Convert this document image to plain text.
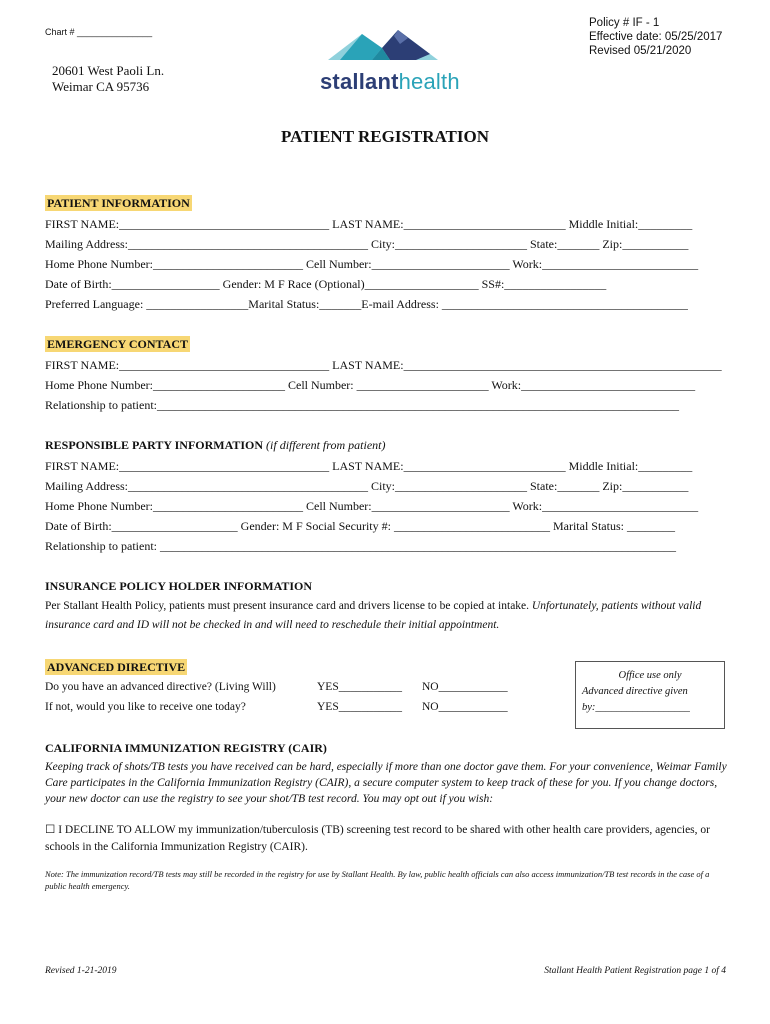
Chart # _______________
20601 West Paoli Ln.
Weimar CA 95736	stallanthealth
Policy # IF - 1
Effective date: 05/25/2017
Revised 05/21/2020
PATIENT REGISTRATION
PATIENT INFORMATION
FIRST NAME:___________________________________ LAST NAME:___________________________ Middle Initial:_________
Mailing Address:________________________________________ City:______________________ State:_______ Zip:___________
Home Phone Number:_________________________ Cell Number:_______________________ Work:__________________________
Date of Birth:__________________ Gender: M F Race (Optional)___________________ SS#:_________________
Preferred Language: _________________Marital Status:_______E-mail Address: _________________________________________
EMERGENCY CONTACT
FIRST NAME:___________________________________ LAST NAME:_____________________________________________________
Home Phone Number:______________________ Cell Number: ______________________ Work:_____________________________
Relationship to patient:_______________________________________________________________________________________
RESPONSIBLE PARTY INFORMATION (if different from patient)
FIRST NAME:___________________________________ LAST NAME:___________________________ Middle Initial:_________
Mailing Address:________________________________________ City:______________________ State:_______ Zip:___________
Home Phone Number:_________________________ Cell Number:_______________________ Work:__________________________
Date of Birth:_____________________ Gender: M F Social Security #: __________________________ Marital Status: ________
Relationship to patient: ______________________________________________________________________________________
INSURANCE POLICY HOLDER INFORMATION
Per Stallant Health Policy, patients must present insurance card and drivers license to be copied at intake. Unfortunately, patients without valid insurance card and ID will not be checked in and will need to reschedule their initial appointment.
ADVANCED DIRECTIVE
Do you have an advanced directive? (Living Will)	YES___________ NO____________
If not, would you like to receive one today?	YES___________ NO____________
Office use only
Advanced directive given
by:__________________
CALIFORNIA IMMUNIZATION REGISTRY (CAIR)
Keeping track of shots/TB tests you have received can be hard, especially if more than one doctor gave them. For your convenience, Weimar Family Care participates in the California Immunization Registry (CAIR), a secure computer system to keep track of these for you. If you change doctors, your new doctor can use the registry to see your shot/TB test record. You may opt out if you wish:
☐ I DECLINE TO ALLOW my immunization/tuberculosis (TB) screening test record to be shared with other health care providers, agencies, or schools in the California Immunization Registry (CAIR).
Note: The immunization record/TB tests may still be recorded in the registry for use by Stallant Health. By law, public health officials can also access immunization/TB test records in the case of a public health emergency.
Revised 1-21-2019	Stallant Health Patient Registration page 1 of 4
